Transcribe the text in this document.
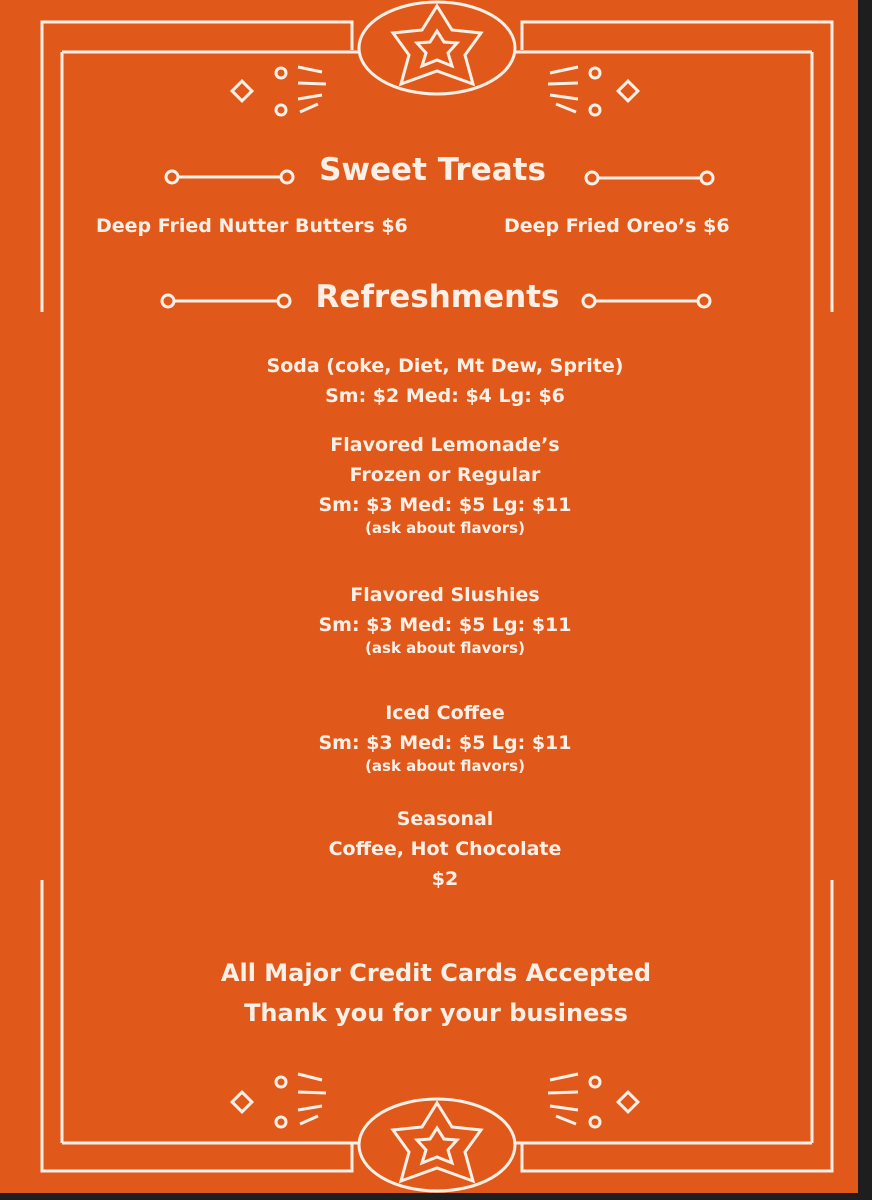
Sweet Treats
Deep Fried Nutter Butters $6	Deep Fried Oreo’s $6
Refreshments
Soda (coke, Diet, Mt Dew, Sprite)
Sm: $2 Med: $4 Lg: $6
Flavored Lemonade’s
Frozen or Regular
Sm: $3 Med: $5 Lg: $11
(ask about flavors)
Flavored Slushies
Sm: $3 Med: $5 Lg: $11
(ask about flavors)
Iced Coffee
Sm: $3 Med: $5 Lg: $11
(ask about flavors)
Seasonal
Coffee, Hot Chocolate
$2
All Major Credit Cards Accepted
Thank you for your business
